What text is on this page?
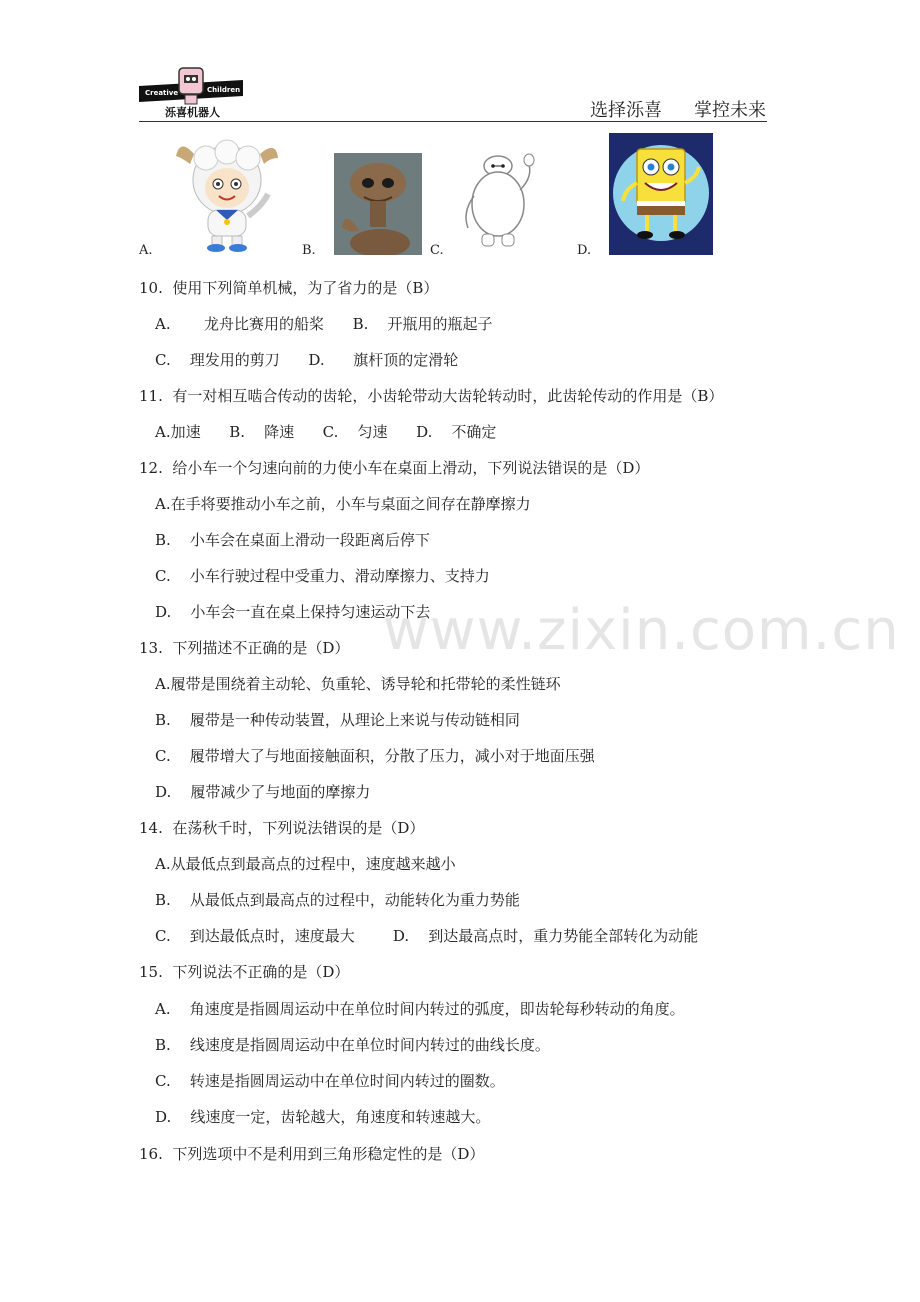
Creative	Children
泺喜机器人	选择泺喜 掌控未来
A.	B.	C.	D.
10.  使用下列简单机械，为了省力的是（B）
A.       龙舟比赛用的船桨      B.    开瓶用的瓶起子
C.    理发用的剪刀      D.      旗杆顶的定滑轮
11.  有一对相互啮合传动的齿轮，小齿轮带动大齿轮转动时，此齿轮传动的作用是（B）
A.加速      B.    降速      C.    匀速      D.    不确定
12.  给小车一个匀速向前的力使小车在桌面上滑动，下列说法错误的是（D）
A.在手将要推动小车之前，小车与桌面之间存在静摩擦力
B.    小车会在桌面上滑动一段距离后停下
C.    小车行驶过程中受重力、滑动摩擦力、支持力
D.    小车会一直在桌上保持匀速运动下去
13.  下列描述不正确的是（D）
A.履带是围绕着主动轮、负重轮、诱导轮和托带轮的柔性链环
B.    履带是一种传动装置，从理论上来说与传动链相同
C.    履带增大了与地面接触面积，分散了压力，减小对于地面压强
D.    履带减少了与地面的摩擦力
14.  在荡秋千时，下列说法错误的是（D）
A.从最低点到最高点的过程中，速度越来越小
B.    从最低点到最高点的过程中，动能转化为重力势能
C.    到达最低点时，速度最大        D.    到达最高点时，重力势能全部转化为动能
15.  下列说法不正确的是（D）
A.    角速度是指圆周运动中在单位时间内转过的弧度，即齿轮每秒转动的角度。
B.    线速度是指圆周运动中在单位时间内转过的曲线长度。
C.    转速是指圆周运动中在单位时间内转过的圈数。
D.    线速度一定，齿轮越大，角速度和转速越大。
16.  下列选项中不是利用到三角形稳定性的是（D）
www.zixin.com.cn
